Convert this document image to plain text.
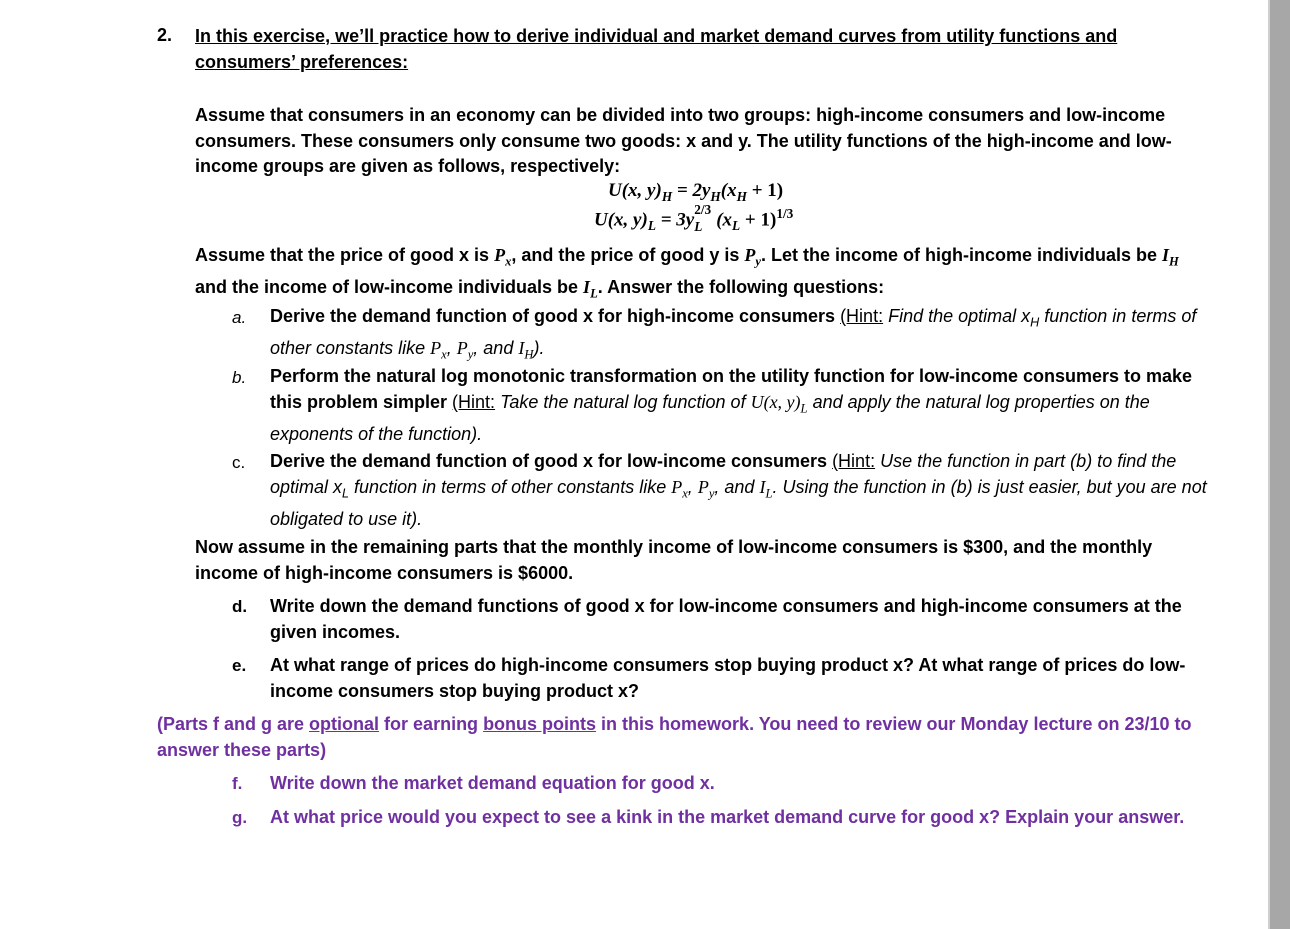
2. In this exercise, we’ll practice how to derive individual and market demand curves from utility functions and consumers’ preferences:
Assume that consumers in an economy can be divided into two groups: high-income consumers and low-income consumers. These consumers only consume two goods: x and y. The utility functions of the high-income and low-income groups are given as follows, respectively:
U(x, $y)_H = 2y_H(x_H + 1)$
U(x, $y)_L = 3y$ 2/3
L $(x_L + 1)^{1/3}$
Assume that the price of good x is $P_x$, and the price of good y is $P_y$. Let the income of high-income individuals be $I_H$
and the income of low-income individuals be $I_L$. Answer the following questions:
a. Derive the demand function of good x for high-income consumers (Hint: Find the optimal $x_H$ function in terms of other constants like $P_x$, $P_y$, and $I_H$).
b. Perform the natural log monotonic transformation on the utility function for low-income consumers to make this problem simpler (Hint: Take the natural log function of U(x, $y)_L$ and apply the natural log properties on the exponents of the function).
c. Derive the demand function of good x for low-income consumers (Hint: Use the function in part (b) to find the optimal $x_L$ function in terms of other constants like $P_x$, $P_y$, and $I_L$. Using the function in (b) is just easier, but you are not obligated to use it).
Now assume in the remaining parts that the monthly income of low-income consumers is $300, and the monthly income of high-income consumers is $6000.
d. Write down the demand functions of good x for low-income consumers and high-income consumers at the given incomes.
e. At what range of prices do high-income consumers stop buying product x? At what range of prices do low-income consumers stop buying product x?
(Parts f and g are optional for earning bonus points in this homework. You need to review our Monday lecture on 23/10 to answer these parts)
f. Write down the market demand equation for good x.
g. At what price would you expect to see a kink in the market demand curve for good x? Explain your answer.
